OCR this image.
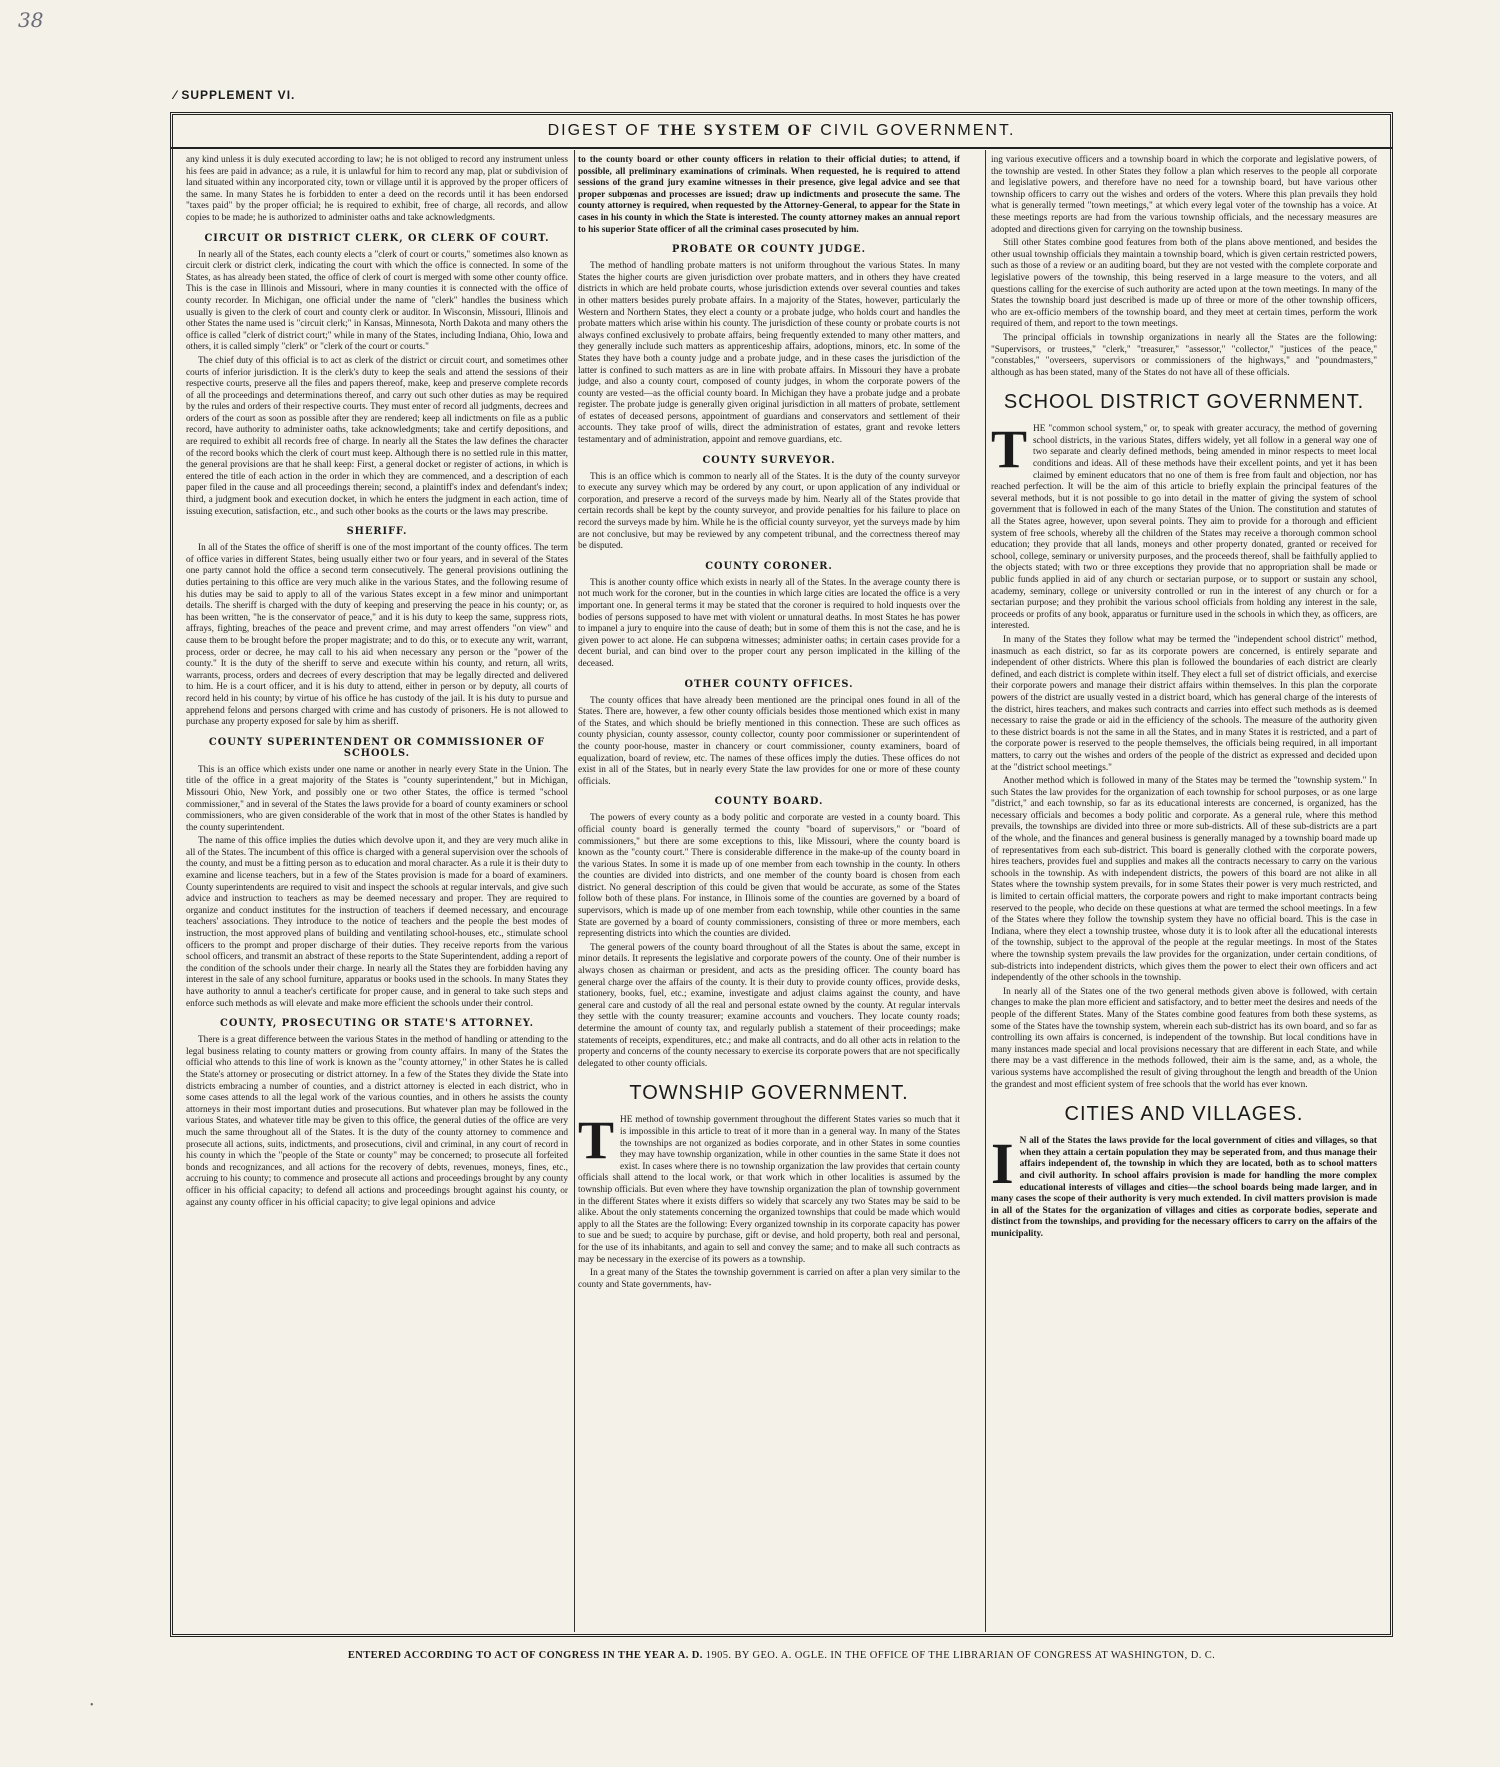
38
⁄ SUPPLEMENT VI.
DIGEST OF THE SYSTEM OF CIVIL GOVERNMENT.

any kind unless it is duly executed according to law; he is not obliged to record any instrument unless his fees are paid in advance; as a rule, it is unlawful for him to record any map, plat or subdivision of land situated within any incorporated city, town or village until it is approved by the proper officers of the same. In many States he is forbidden to enter a deed on the records until it has been endorsed "taxes paid" by the proper official; he is required to exhibit, free of charge, all records, and allow copies to be made; he is authorized to administer oaths and take acknowledgments.

CIRCUIT OR DISTRICT CLERK, OR CLERK OF COURT.

In nearly all of the States, each county elects a "clerk of court or courts," sometimes also known as circuit clerk or district clerk, indicating the court with which the office is connected. In some of the States, as has already been stated, the office of clerk of court is merged with some other county office. This is the case in Illinois and Missouri, where in many counties it is connected with the office of county recorder. In Michigan, one official under the name of "clerk" handles the business which usually is given to the clerk of court and county clerk or auditor. In Wisconsin, Missouri, Illinois and other States the name used is "circuit clerk;" in Kansas, Minnesota, North Dakota and many others the office is called "clerk of district court;" while in many of the States, including Indiana, Ohio, Iowa and others, it is called simply "clerk" or "clerk of the court or courts."

The chief duty of this official is to act as clerk of the district or circuit court, and sometimes other courts of inferior jurisdiction. It is the clerk's duty to keep the seals and attend the sessions of their respective courts, preserve all the files and papers thereof, make, keep and preserve complete records of all the proceedings and determinations thereof, and carry out such other duties as may be required by the rules and orders of their respective courts. They must enter of record all judgments, decrees and orders of the court as soon as possible after they are rendered; keep all indictments on file as a public record, have authority to administer oaths, take acknowledgments; take and certify depositions, and are required to exhibit all records free of charge. In nearly all the States the law defines the character of the record books which the clerk of court must keep. Although there is no settled rule in this matter, the general provisions are that he shall keep: First, a general docket or register of actions, in which is entered the title of each action in the order in which they are commenced, and a description of each paper filed in the cause and all proceedings therein; second, a plaintiff's index and defendant's index; third, a judgment book and execution docket, in which he enters the judgment in each action, time of issuing execution, satisfaction, etc., and such other books as the courts or the laws may prescribe.

SHERIFF.

In all of the States the office of sheriff is one of the most important of the county offices. The term of office varies in different States, being usually either two or four years, and in several of the States one party cannot hold the office a second term consecutively. The general provisions outlining the duties pertaining to this office are very much alike in the various States, and the following resume of his duties may be said to apply to all of the various States except in a few minor and unimportant details. The sheriff is charged with the duty of keeping and preserving the peace in his county; or, as has been written, "he is the conservator of peace," and it is his duty to keep the same, suppress riots, affrays, fighting, breaches of the peace and prevent crime, and may arrest offenders "on view" and cause them to be brought before the proper magistrate; and to do this, or to execute any writ, warrant, process, order or decree, he may call to his aid when necessary any person or the "power of the county." It is the duty of the sheriff to serve and execute within his county, and return, all writs, warrants, process, orders and decrees of every description that may be legally directed and delivered to him. He is a court officer, and it is his duty to attend, either in person or by deputy, all courts of record held in his county; by virtue of his office he has custody of the jail. It is his duty to pursue and apprehend felons and persons charged with crime and has custody of prisoners. He is not allowed to purchase any property exposed for sale by him as sheriff.

COUNTY SUPERINTENDENT OR COMMISSIONER OF SCHOOLS.

This is an office which exists under one name or another in nearly every State in the Union. The title of the office in a great majority of the States is "county superintendent," but in Michigan, Missouri Ohio, New York, and possibly one or two other States, the office is termed "school commissioner," and in several of the States the laws provide for a board of county examiners or school commissioners, who are given considerable of the work that in most of the other States is handled by the county superintendent.

The name of this office implies the duties which devolve upon it, and they are very much alike in all of the States. The incumbent of this office is charged with a general supervision over the schools of the county, and must be a fitting person as to education and moral character. As a rule it is their duty to examine and license teachers, but in a few of the States provision is made for a board of examiners. County superintendents are required to visit and inspect the schools at regular intervals, and give such advice and instruction to teachers as may be deemed necessary and proper. They are required to organize and conduct institutes for the instruction of teachers if deemed necessary, and encourage teachers' associations. They introduce to the notice of teachers and the people the best modes of instruction, the most approved plans of building and ventilating school-houses, etc., stimulate school officers to the prompt and proper discharge of their duties. They receive reports from the various school officers, and transmit an abstract of these reports to the State Superintendent, adding a report of the condition of the schools under their charge. In nearly all the States they are forbidden having any interest in the sale of any school furniture, apparatus or books used in the schools. In many States they have authority to annul a teacher's certificate for proper cause, and in general to take such steps and enforce such methods as will elevate and make more efficient the schools under their control.

COUNTY, PROSECUTING OR STATE'S ATTORNEY.

There is a great difference between the various States in the method of handling or attending to the legal business relating to county matters or growing from county affairs. In many of the States the official who attends to this line of work is known as the "county attorney," in other States he is called the State's attorney or prosecuting or district attorney. In a few of the States they divide the State into districts embracing a number of counties, and a district attorney is elected in each district, who in some cases attends to all the legal work of the various counties, and in others he assists the county attorneys in their most important duties and prosecutions. But whatever plan may be followed in the various States, and whatever title may be given to this office, the general duties of the office are very much the same throughout all of the States. It is the duty of the county attorney to commence and prosecute all actions, suits, indictments, and prosecutions, civil and criminal, in any court of record in his county in which the "people of the State or county" may be concerned; to prosecute all forfeited bonds and recognizances, and all actions for the recovery of debts, revenues, moneys, fines, etc., accruing to his county; to commence and prosecute all actions and proceedings brought by any county officer in his official capacity; to defend all actions and proceedings brought against his county, or against any county officer in his official capacity; to give legal opinions and advice

to the county board or other county officers in relation to their official duties; to attend, if possible, all preliminary examinations of criminals. When requested, he is required to attend sessions of the grand jury examine witnesses in their presence, give legal advice and see that proper subpœnas and processes are issued; draw up indictments and prosecute the same. The county attorney is required, when requested by the Attorney-General, to appear for the State in cases in his county in which the State is interested. The county attorney makes an annual report to his superior State officer of all the criminal cases prosecuted by him.

PROBATE OR COUNTY JUDGE.

The method of handling probate matters is not uniform throughout the various States. In many States the higher courts are given jurisdiction over probate matters, and in others they have created districts in which are held probate courts, whose jurisdiction extends over several counties and takes in other matters besides purely probate affairs. In a majority of the States, however, particularly the Western and Northern States, they elect a county or a probate judge, who holds court and handles the probate matters which arise within his county. The jurisdiction of these county or probate courts is not always confined exclusively to probate affairs, being frequently extended to many other matters, and they generally include such matters as apprenticeship affairs, adoptions, minors, etc. In some of the States they have both a county judge and a probate judge, and in these cases the jurisdiction of the latter is confined to such matters as are in line with probate affairs. In Missouri they have a probate judge, and also a county court, composed of county judges, in whom the corporate powers of the county are vested—as the official county board. In Michigan they have a probate judge and a probate register. The probate judge is generally given original jurisdiction in all matters of probate, settlement of estates of deceased persons, appointment of guardians and conservators and settlement of their accounts. They take proof of wills, direct the administration of estates, grant and revoke letters testamentary and of administration, appoint and remove guardians, etc.

COUNTY SURVEYOR.

This is an office which is common to nearly all of the States. It is the duty of the county surveyor to execute any survey which may be ordered by any court, or upon application of any individual or corporation, and preserve a record of the surveys made by him. Nearly all of the States provide that certain records shall be kept by the county surveyor, and provide penalties for his failure to place on record the surveys made by him. While he is the official county surveyor, yet the surveys made by him are not conclusive, but may be reviewed by any competent tribunal, and the correctness thereof may be disputed.

COUNTY CORONER.

This is another county office which exists in nearly all of the States. In the average county there is not much work for the coroner, but in the counties in which large cities are located the office is a very important one. In general terms it may be stated that the coroner is required to hold inquests over the bodies of persons supposed to have met with violent or unnatural deaths. In most States he has power to impanel a jury to enquire into the cause of death; but in some of them this is not the case, and he is given power to act alone. He can subpœna witnesses; administer oaths; in certain cases provide for a decent burial, and can bind over to the proper court any person implicated in the killing of the deceased.

OTHER COUNTY OFFICES.

The county offices that have already been mentioned are the principal ones found in all of the States. There are, however, a few other county officials besides those mentioned which exist in many of the States, and which should be briefly mentioned in this connection. These are such offices as county physician, county assessor, county collector, county poor commissioner or superintendent of the county poor-house, master in chancery or court commissioner, county examiners, board of equalization, board of review, etc. The names of these offices imply the duties. These offices do not exist in all of the States, but in nearly every State the law provides for one or more of these county officials.

COUNTY BOARD.

The powers of every county as a body politic and corporate are vested in a county board. This official county board is generally termed the county "board of supervisors," or "board of commissioners," but there are some exceptions to this, like Missouri, where the county board is known as the "county court." There is considerable difference in the make-up of the county board in the various States. In some it is made up of one member from each township in the county. In others the counties are divided into districts, and one member of the county board is chosen from each district. No general description of this could be given that would be accurate, as some of the States follow both of these plans. For instance, in Illinois some of the counties are governed by a board of supervisors, which is made up of one member from each township, while other counties in the same State are governed by a board of county commissioners, consisting of three or more members, each representing districts into which the counties are divided.

The general powers of the county board throughout of all the States is about the same, except in minor details. It represents the legislative and corporate powers of the county. One of their number is always chosen as chairman or president, and acts as the presiding officer. The county board has general charge over the affairs of the county. It is their duty to provide county offices, provide desks, stationery, books, fuel, etc.; examine, investigate and adjust claims against the county, and have general care and custody of all the real and personal estate owned by the county. At regular intervals they settle with the county treasurer; examine accounts and vouchers. They locate county roads; determine the amount of county tax, and regularly publish a statement of their proceedings; make statements of receipts, expenditures, etc.; and make all contracts, and do all other acts in relation to the property and concerns of the county necessary to exercise its corporate powers that are not specifically delegated to other county officials.

TOWNSHIP GOVERNMENT.

THE method of township government throughout the different States varies so much that it is impossible in this article to treat of it more than in a general way. In many of the States the townships are not organized as bodies corporate, and in other States in some counties they may have township organization, while in other counties in the same State it does not exist. In cases where there is no township organization the law provides that certain county officials shall attend to the local work, or that work which in other localities is assumed by the township officials. But even where they have township organization the plan of township government in the different States where it exists differs so widely that scarcely any two States may be said to be alike. About the only statements concerning the organized townships that could be made which would apply to all the States are the following: Every organized township in its corporate capacity has power to sue and be sued; to acquire by purchase, gift or devise, and hold property, both real and personal, for the use of its inhabitants, and again to sell and convey the same; and to make all such contracts as may be necessary in the exercise of its powers as a township.

In a great many of the States the township government is carried on after a plan very similar to the county and State governments, hav-

ing various executive officers and a township board in which the corporate and legislative powers, of the township are vested. In other States they follow a plan which reserves to the people all corporate and legislative powers, and therefore have no need for a township board, but have various other township officers to carry out the wishes and orders of the voters. Where this plan prevails they hold what is generally termed "town meetings," at which every legal voter of the township has a voice. At these meetings reports are had from the various township officials, and the necessary measures are adopted and directions given for carrying on the township business.

Still other States combine good features from both of the plans above mentioned, and besides the other usual township officials they maintain a township board, which is given certain restricted powers, such as those of a review or an auditing board, but they are not vested with the complete corporate and legislative powers of the township, this being reserved in a large measure to the voters, and all questions calling for the exercise of such authority are acted upon at the town meetings. In many of the States the township board just described is made up of three or more of the other township officers, who are ex-officio members of the township board, and they meet at certain times, perform the work required of them, and report to the town meetings.

The principal officials in township organizations in nearly all the States are the following: "Supervisors, or trustees," "clerk," "treasurer," "assessor," "collector," "justices of the peace," "constables," "overseers, supervisors or commissioners of the highways," and "poundmasters," although as has been stated, many of the States do not have all of these officials.

SCHOOL DISTRICT GOVERNMENT.

THE "common school system," or, to speak with greater accuracy, the method of governing school districts, in the various States, differs widely, yet all follow in a general way one of two separate and clearly defined methods, being amended in minor respects to meet local conditions and ideas. All of these methods have their excellent points, and yet it has been claimed by eminent educators that no one of them is free from fault and objection, nor has reached perfection. It will be the aim of this article to briefly explain the principal features of the several methods, but it is not possible to go into detail in the matter of giving the system of school government that is followed in each of the many States of the Union. The constitution and statutes of all the States agree, however, upon several points. They aim to provide for a thorough and efficient system of free schools, whereby all the children of the States may receive a thorough common school education; they provide that all lands, moneys and other property donated, granted or received for school, college, seminary or university purposes, and the proceeds thereof, shall be faithfully applied to the objects stated; with two or three exceptions they provide that no appropriation shall be made or public funds applied in aid of any church or sectarian purpose, or to support or sustain any school, academy, seminary, college or university controlled or run in the interest of any church or for a sectarian purpose; and they prohibit the various school officials from holding any interest in the sale, proceeds or profits of any book, apparatus or furniture used in the schools in which they, as officers, are interested.

In many of the States they follow what may be termed the "independent school district" method, inasmuch as each district, so far as its corporate powers are concerned, is entirely separate and independent of other districts. Where this plan is followed the boundaries of each district are clearly defined, and each district is complete within itself. They elect a full set of district officials, and exercise their corporate powers and manage their district affairs within themselves. In this plan the corporate powers of the district are usually vested in a district board, which has general charge of the interests of the district, hires teachers, and makes such contracts and carries into effect such methods as is deemed necessary to raise the grade or aid in the efficiency of the schools. The measure of the authority given to these district boards is not the same in all the States, and in many States it is restricted, and a part of the corporate power is reserved to the people themselves, the officials being required, in all important matters, to carry out the wishes and orders of the people of the district as expressed and decided upon at the "district school meetings."

Another method which is followed in many of the States may be termed the "township system." In such States the law provides for the organization of each township for school purposes, or as one large "district," and each township, so far as its educational interests are concerned, is organized, has the necessary officials and becomes a body politic and corporate. As a general rule, where this method prevails, the townships are divided into three or more sub-districts. All of these sub-districts are a part of the whole, and the finances and general business is generally managed by a township board made up of representatives from each sub-district. This board is generally clothed with the corporate powers, hires teachers, provides fuel and supplies and makes all the contracts necessary to carry on the various schools in the township. As with independent districts, the powers of this board are not alike in all States where the township system prevails, for in some States their power is very much restricted, and is limited to certain official matters, the corporate powers and right to make important contracts being reserved to the people, who decide on these questions at what are termed the school meetings. In a few of the States where they follow the township system they have no official board. This is the case in Indiana, where they elect a township trustee, whose duty it is to look after all the educational interests of the township, subject to the approval of the people at the regular meetings. In most of the States where the township system prevails the law provides for the organization, under certain conditions, of sub-districts into independent districts, which gives them the power to elect their own officers and act independently of the other schools in the township.

In nearly all of the States one of the two general methods given above is followed, with certain changes to make the plan more efficient and satisfactory, and to better meet the desires and needs of the people of the different States. Many of the States combine good features from both these systems, as some of the States have the township system, wherein each sub-district has its own board, and so far as controlling its own affairs is concerned, is independent of the township. But local conditions have in many instances made special and local provisions necessary that are different in each State, and while there may be a vast difference in the methods followed, their aim is the same, and, as a whole, the various systems have accomplished the result of giving throughout the length and breadth of the Union the grandest and most efficient system of free schools that the world has ever known.

CITIES AND VILLAGES.

I N all of the States the laws provide for the local government of cities and villages, so that when they attain a certain population they may be seperated from, and thus manage their affairs independent of, the township in which they are located, both as to school matters and civil authority. In school affairs provision is made for handling the more complex educational interests of villages and cities—the school boards being made larger, and in many cases the scope of their authority is very much extended. In civil matters provision is made in all of the States for the organization of villages and cities as corporate bodies, seperate and distinct from the townships, and providing for the necessary officers to carry on the affairs of the municipality.

ENTERED ACCORDING TO ACT OF CONGRESS IN THE YEAR A. D. 1905. BY GEO. A. OGLE. IN THE OFFICE OF THE LIBRARIAN OF CONGRESS AT WASHINGTON, D. C.
•
